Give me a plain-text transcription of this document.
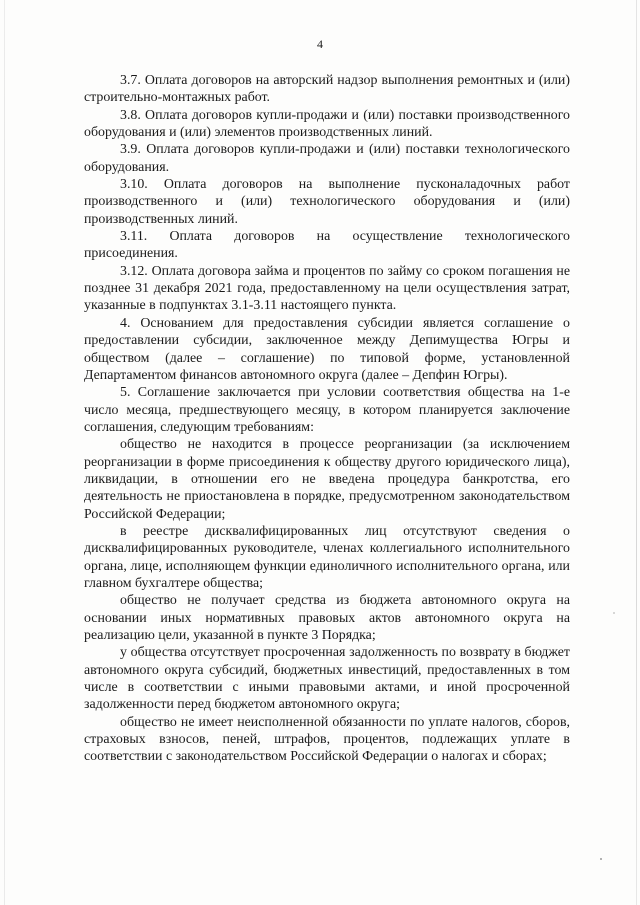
4

3.7. Оплата договоров на авторский надзор выполнения ремонтных и (или) строительно-монтажных работ.

3.8. Оплата договоров купли-продажи и (или) поставки производственного оборудования и (или) элементов производственных линий.

3.9. Оплата договоров купли-продажи и (или) поставки технологического оборудования.

3.10. Оплата договоров на выполнение пусконаладочных работ производственного и (или) технологического оборудования и (или) производственных линий.

3.11. Оплата договоров на осуществление технологического присоединения.

3.12. Оплата договора займа и процентов по займу со сроком погашения не позднее 31 декабря 2021 года, предоставленному на цели осуществления затрат, указанные в подпунктах 3.1-3.11 настоящего пункта.

4. Основанием для предоставления субсидии является соглашение о предоставлении субсидии, заключенное между Депимущества Югры и обществом (далее – соглашение) по типовой форме, установленной Департаментом финансов автономного округа (далее – Депфин Югры).

5. Соглашение заключается при условии соответствия общества на 1-е число месяца, предшествующего месяцу, в котором планируется заключение соглашения, следующим требованиям:

общество не находится в процессе реорганизации (за исключением реорганизации в форме присоединения к обществу другого юридического лица), ликвидации, в отношении его не введена процедура банкротства, его деятельность не приостановлена в порядке, предусмотренном законодательством Российской Федерации;

в реестре дисквалифицированных лиц отсутствуют сведения о дисквалифицированных руководителе, членах коллегиального исполнительного органа, лице, исполняющем функции единоличного исполнительного органа, или главном бухгалтере общества;

общество не получает средства из бюджета автономного округа на основании иных нормативных правовых актов автономного округа на реализацию цели, указанной в пункте 3 Порядка;

у общества отсутствует просроченная задолженность по возврату в бюджет автономного округа субсидий, бюджетных инвестиций, предоставленных в том числе в соответствии с иными правовыми актами, и иной просроченной задолженности перед бюджетом автономного округа;

общество не имеет неисполненной обязанности по уплате налогов, сборов, страховых взносов, пеней, штрафов, процентов, подлежащих уплате в соответствии с законодательством Российской Федерации о налогах и сборах;
